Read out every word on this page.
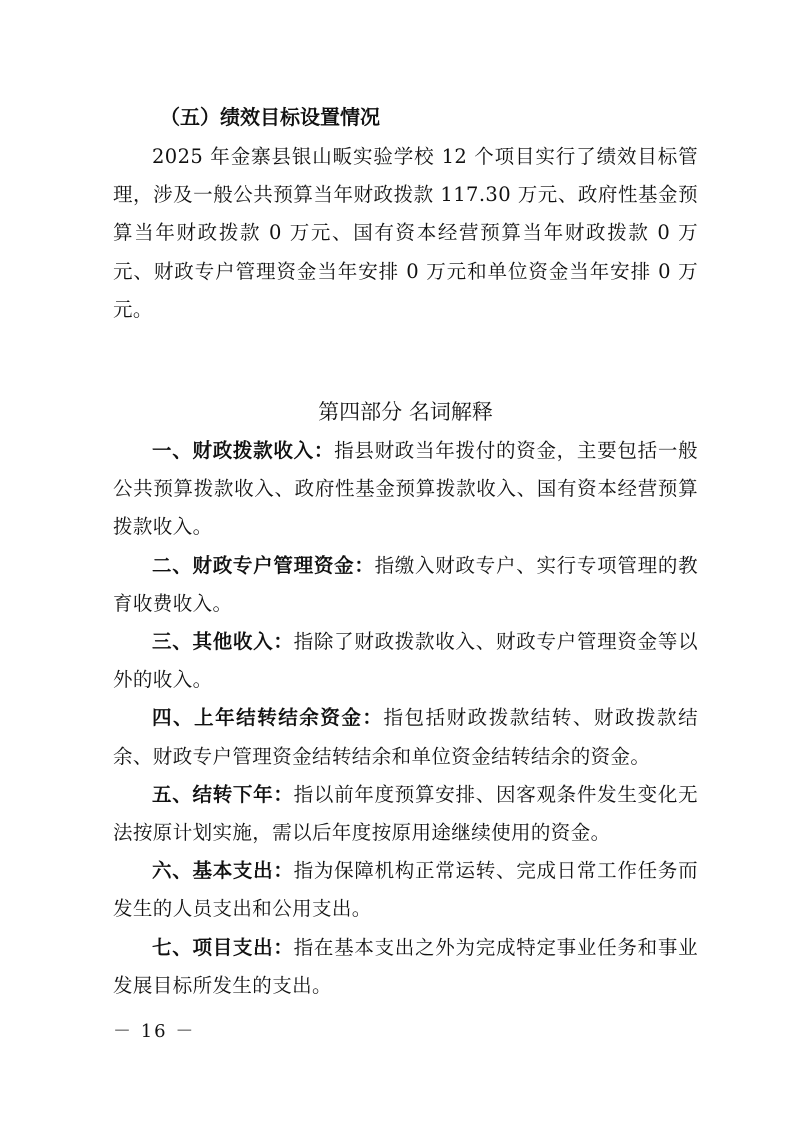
（五）绩效目标设置情况

2025 年金寨县银山畈实验学校 12 个项目实行了绩效目标管理，涉及一般公共预算当年财政拨款 117.30 万元、政府性基金预算当年财政拨款 0 万元、国有资本经营预算当年财政拨款 0 万元、财政专户管理资金当年安排 0 万元和单位资金当年安排 0 万元。

第四部分 名词解释

一、财政拨款收入：指县财政当年拨付的资金，主要包括一般公共预算拨款收入、政府性基金预算拨款收入、国有资本经营预算拨款收入。

二、财政专户管理资金：指缴入财政专户、实行专项管理的教育收费收入。

三、其他收入：指除了财政拨款收入、财政专户管理资金等以外的收入。

四、上年结转结余资金：指包括财政拨款结转、财政拨款结余、财政专户管理资金结转结余和单位资金结转结余的资金。

五、结转下年：指以前年度预算安排、因客观条件发生变化无法按原计划实施，需以后年度按原用途继续使用的资金。

六、基本支出：指为保障机构正常运转、完成日常工作任务而发生的人员支出和公用支出。

七、项目支出：指在基本支出之外为完成特定事业任务和事业发展目标所发生的支出。

－ 16 －
